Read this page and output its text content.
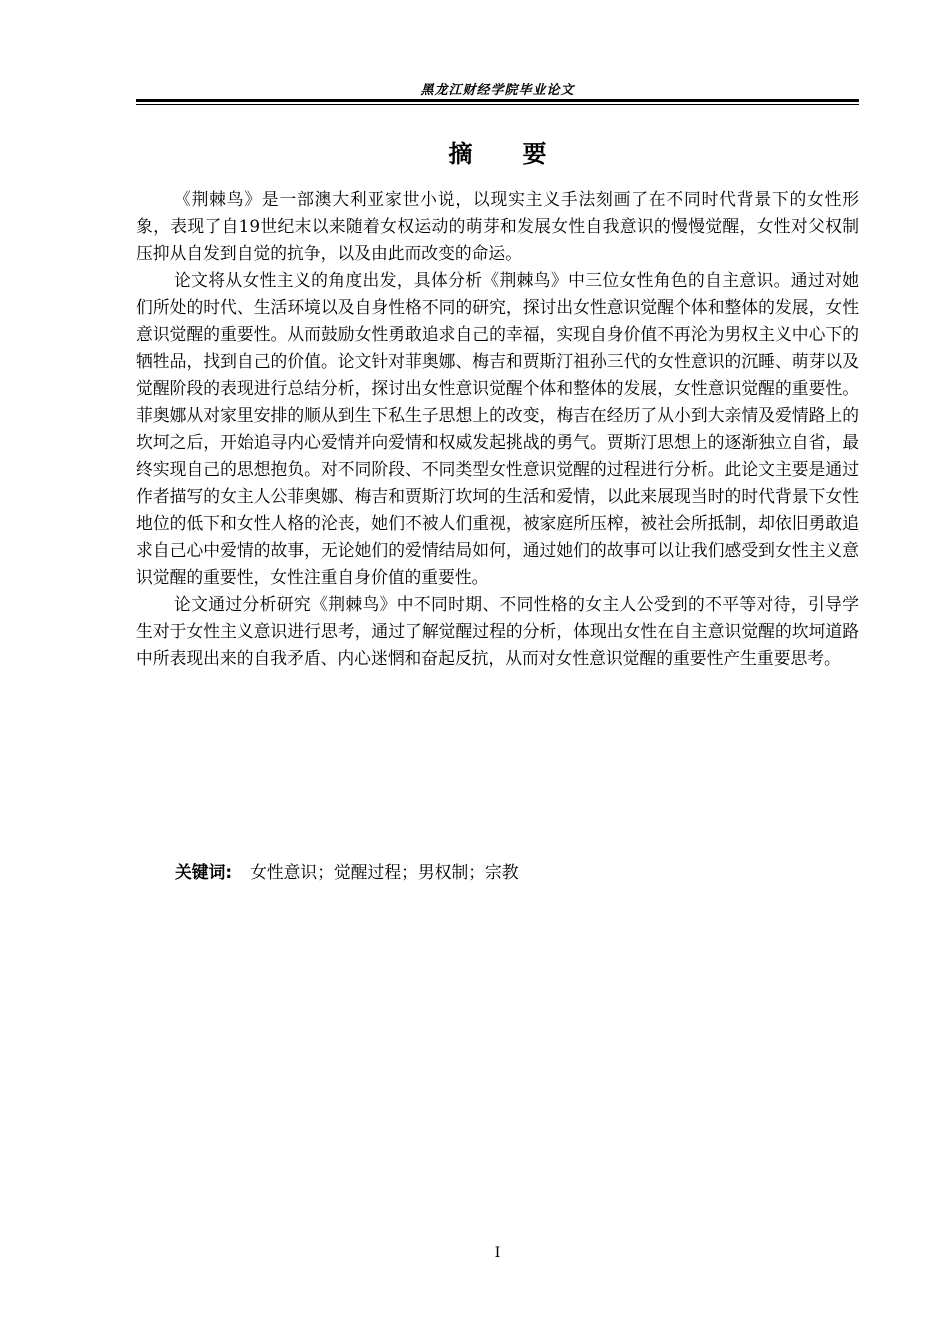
黑龙江财经学院毕业论文
摘要

《荆棘鸟》是一部澳大利亚家世小说，以现实主义手法刻画了在不同时代背景下的女性形象，表现了自19世纪末以来随着女权运动的萌芽和发展女性自我意识的慢慢觉醒，女性对父权制压抑从自发到自觉的抗争，以及由此而改变的命运。

论文将从女性主义的角度出发，具体分析《荆棘鸟》中三位女性角色的自主意识。通过对她们所处的时代、生活环境以及自身性格不同的研究，探讨出女性意识觉醒个体和整体的发展，女性意识觉醒的重要性。从而鼓励女性勇敢追求自己的幸福，实现自身价值不再沦为男权主义中心下的牺牲品，找到自己的价值。论文针对菲奥娜、梅吉和贾斯汀祖孙三代的女性意识的沉睡、萌芽以及觉醒阶段的表现进行总结分析，探讨出女性意识觉醒个体和整体的发展，女性意识觉醒的重要性。菲奥娜从对家里安排的顺从到生下私生子思想上的改变，梅吉在经历了从小到大亲情及爱情路上的坎坷之后，开始追寻内心爱情并向爱情和权威发起挑战的勇气。贾斯汀思想上的逐渐独立自省，最终实现自己的思想抱负。对不同阶段、不同类型女性意识觉醒的过程进行分析。此论文主要是通过作者描写的女主人公菲奥娜、梅吉和贾斯汀坎坷的生活和爱情，以此来展现当时的时代背景下女性地位的低下和女性人格的沦丧，她们不被人们重视，被家庭所压榨，被社会所抵制，却依旧勇敢追求自己心中爱情的故事，无论她们的爱情结局如何，通过她们的故事可以让我们感受到女性主义意识觉醒的重要性，女性注重自身价值的重要性。

论文通过分析研究《荆棘鸟》中不同时期、不同性格的女主人公受到的不平等对待，引导学生对于女性主义意识进行思考，通过了解觉醒过程的分析，体现出女性在自主意识觉醒的坎坷道路中所表现出来的自我矛盾、内心迷惘和奋起反抗，从而对女性意识觉醒的重要性产生重要思考。

关键词: 女性意识；觉醒过程；男权制；宗教
I
